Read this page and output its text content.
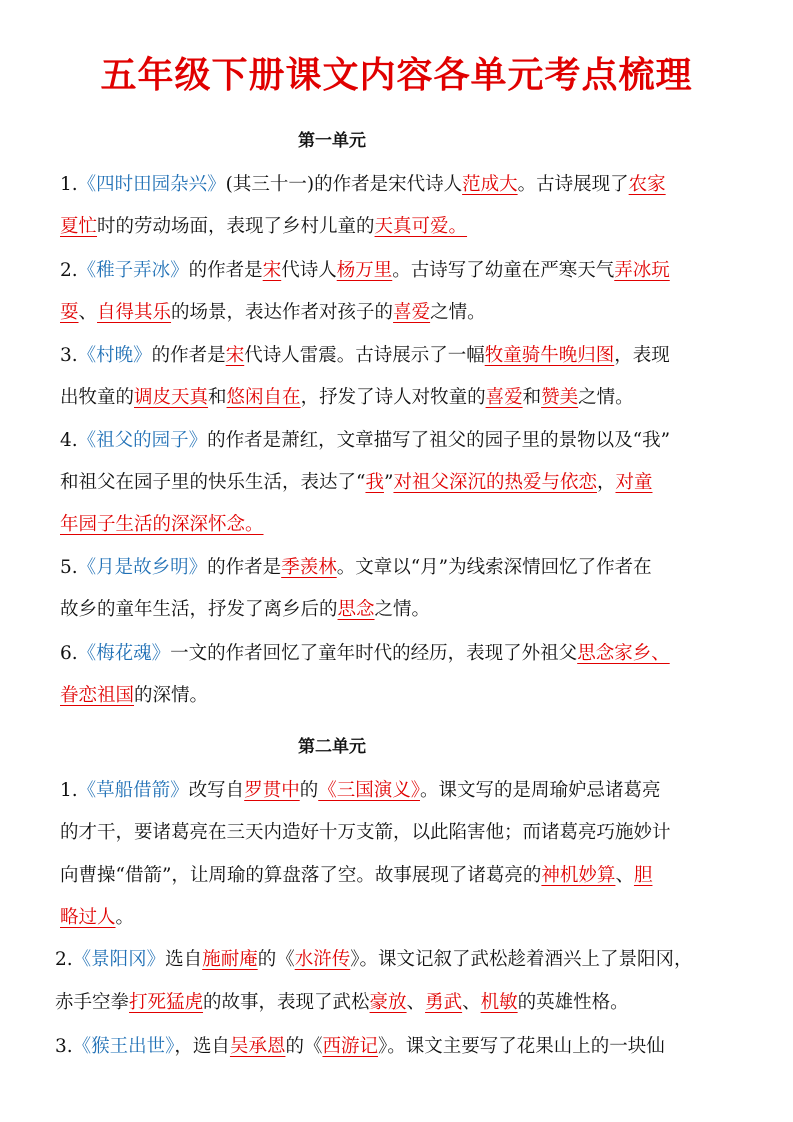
五年级下册课文内容各单元考点梳理
第一单元
1.《四时田园杂兴》(其三十一)的作者是宋代诗人范成大。古诗展现了农家
夏忙时的劳动场面，表现了乡村儿童的天真可爱。
2.《稚子弄冰》的作者是宋代诗人杨万里。古诗写了幼童在严寒天气弄冰玩
耍、自得其乐的场景，表达作者对孩子的喜爱之情。
3.《村晚》的作者是宋代诗人雷震。古诗展示了一幅牧童骑牛晚归图，表现
出牧童的调皮天真和悠闲自在，抒发了诗人对牧童的喜爱和赞美之情。
4.《祖父的园子》的作者是萧红，文章描写了祖父的园子里的景物以及“我”
和祖父在园子里的快乐生活，表达了“我”对祖父深沉的热爱与依恋，对童
年园子生活的深深怀念。
5.《月是故乡明》的作者是季羡林。文章以“月”为线索深情回忆了作者在
故乡的童年生活，抒发了离乡后的思念之情。
6.《梅花魂》一文的作者回忆了童年时代的经历，表现了外祖父思念家乡、
眷恋祖国的深情。
第二单元
1.《草船借箭》改写自罗贯中的《三国演义》。课文写的是周瑜妒忌诸葛亮
的才干，要诸葛亮在三天内造好十万支箭，以此陷害他；而诸葛亮巧施妙计
向曹操“借箭”，让周瑜的算盘落了空。故事展现了诸葛亮的神机妙算、胆
略过人。
2.《景阳冈》选自施耐庵的《水浒传》。课文记叙了武松趁着酒兴上了景阳冈，
赤手空拳打死猛虎的故事，表现了武松豪放、勇武、机敏的英雄性格。
3.《猴王出世》，选自吴承恩的《西游记》。课文主要写了花果山上的一块仙
